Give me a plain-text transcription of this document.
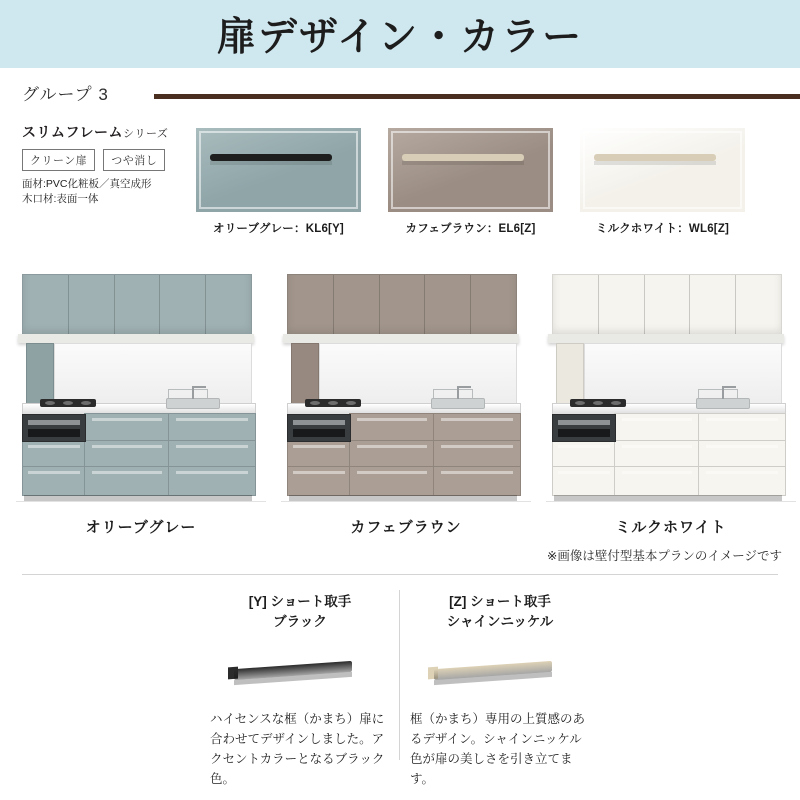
扉デザイン・カラー
グループ 3
スリムフレームシリーズ
クリーン扉	つや消し
面材:PVC化粧板／真空成形
木口材:表面一体
オリーブグレー：KL6[Y]	カフェブラウン：EL6[Z]	ミルクホワイト：WL6[Z]
オリーブグレー	カフェブラウン	ミルクホワイト
※画像は壁付型基本プランのイメージです
[Y] ショート取手
ブラック
ハイセンスな框（かまち）扉に合わせてデザインしました。アクセントカラーとなるブラック色。
[Z] ショート取手
シャインニッケル
框（かまち）専用の上質感のあるデザイン。シャインニッケル色が扉の美しさを引き立てます。
